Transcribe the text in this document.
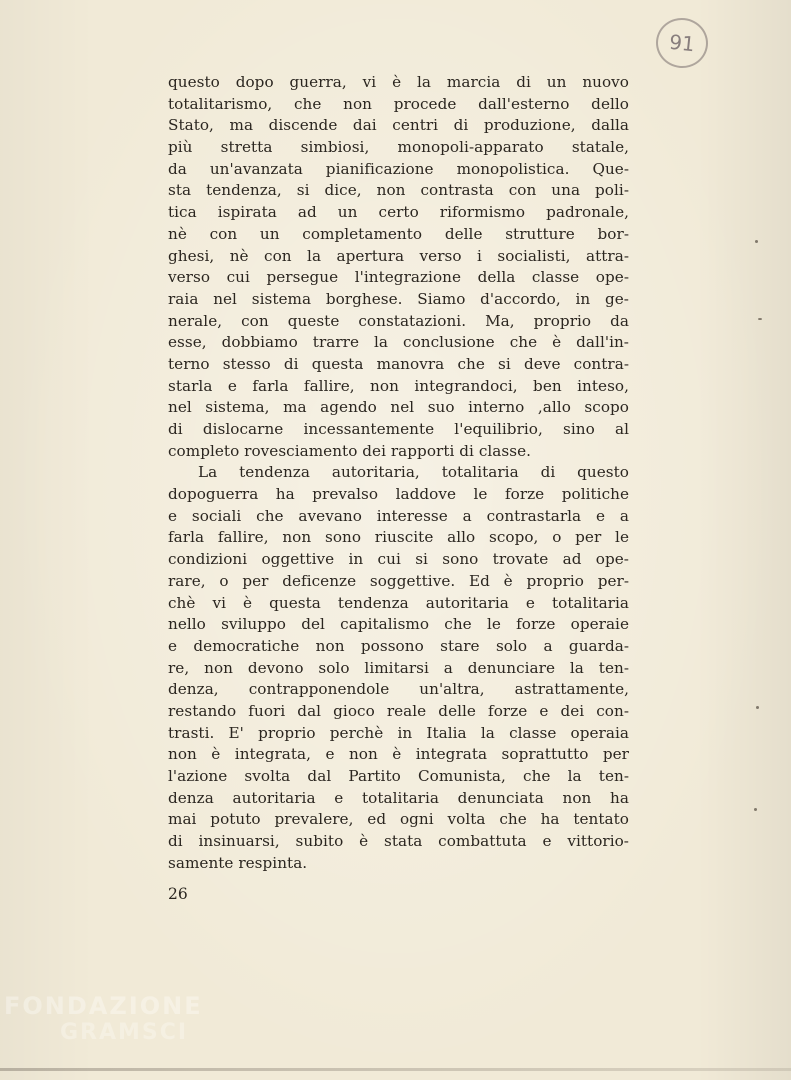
91
questo dopo guerra, vi è la marcia di un nuovo
totalitarismo, che non procede dall'esterno dello
Stato, ma discende dai centri di produzione, dalla
più stretta simbiosi, monopoli-apparato statale,
da un'avanzata pianificazione monopolistica. Que-
sta tendenza, si dice, non contrasta con una poli-
tica ispirata ad un certo riformismo padronale,
nè con un completamento delle strutture bor-
ghesi, nè con la apertura verso i socialisti, attra-
verso cui persegue l'integrazione della classe ope-
raia nel sistema borghese. Siamo d'accordo, in ge-
nerale, con queste constatazioni. Ma, proprio da
esse, dobbiamo trarre la conclusione che è dall'in-
terno stesso di questa manovra che si deve contra-
starla e farla fallire, non integrandoci, ben inteso,
nel sistema, ma agendo nel suo interno ,allo scopo
di dislocarne incessantemente l'equilibrio, sino al
completo rovesciamento dei rapporti di classe.
La tendenza autoritaria, totalitaria di questo
dopoguerra ha prevalso laddove le forze politiche
e sociali che avevano interesse a contrastarla e a
farla fallire, non sono riuscite allo scopo, o per le
condizioni oggettive in cui si sono trovate ad ope-
rare, o per deficenze soggettive. Ed è proprio per-
chè vi è questa tendenza autoritaria e totalitaria
nello sviluppo del capitalismo che le forze operaie
e democratiche non possono stare solo a guarda-
re, non devono solo limitarsi a denunciare la ten-
denza, contrapponendole un'altra, astrattamente,
restando fuori dal gioco reale delle forze e dei con-
trasti. E' proprio perchè in Italia la classe operaia
non è integrata, e non è integrata soprattutto per
l'azione svolta dal Partito Comunista, che la ten-
denza autoritaria e totalitaria denunciata non ha
mai potuto prevalere, ed ogni volta che ha tentato
di insinuarsi, subito è stata combattuta e vittorio-
samente respinta.
26
FONDAZIONE
GRAMSCI
